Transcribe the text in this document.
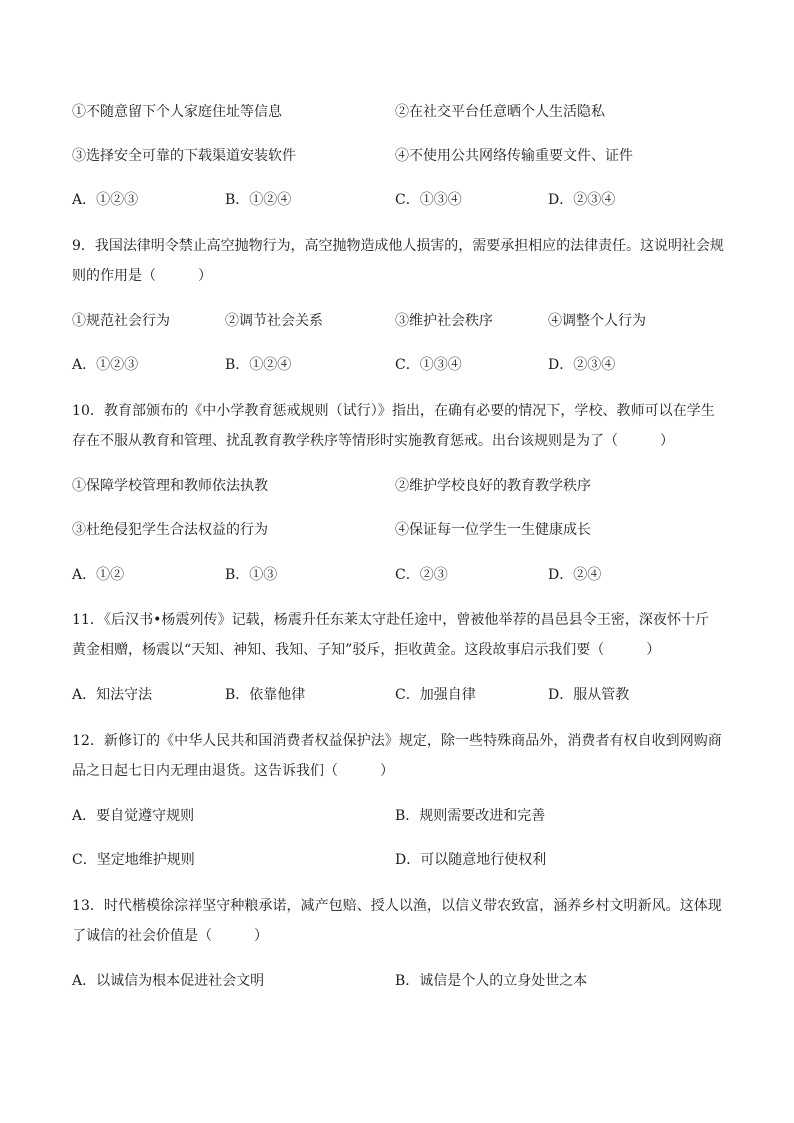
①不随意留下个人家庭住址等信息	②在社交平台任意晒个人生活隐私
③选择安全可靠的下载渠道安装软件	④不使用公共网络传输重要文件、证件
A．①②③	B．①②④	C．①③④	D．②③④
9．我国法律明令禁止高空抛物行为，高空抛物造成他人损害的，需要承担相应的法律责任。这说明社会规
则的作用是（　　　）
①规范社会行为	②调节社会关系	③维护社会秩序	④调整个人行为
A．①②③	B．①②④	C．①③④	D．②③④
10．教育部颁布的《中小学教育惩戒规则（试行）》指出，在确有必要的情况下，学校、教师可以在学生
存在不服从教育和管理、扰乱教育教学秩序等情形时实施教育惩戒。出台该规则是为了（　　　）
①保障学校管理和教师依法执教	②维护学校良好的教育教学秩序
③杜绝侵犯学生合法权益的行为	④保证每一位学生一生健康成长
A．①②	B．①③	C．②③	D．②④
11．《后汉书•杨震列传》记载，杨震升任东莱太守赴任途中，曾被他举荐的昌邑县令王密，深夜怀十斤
黄金相赠，杨震以“天知、神知、我知、子知”驳斥，拒收黄金。这段故事启示我们要（　　　）
A．知法守法	B．依靠他律	C．加强自律	D．服从管教
12．新修订的《中华人民共和国消费者权益保护法》规定，除一些特殊商品外，消费者有权自收到网购商
品之日起七日内无理由退货。这告诉我们（　　　）
A．要自觉遵守规则	B．规则需要改进和完善
C．坚定地维护规则	D．可以随意地行使权利
13．时代楷模徐淙祥坚守种粮承诺，减产包赔、授人以渔，以信义带农致富，涵养乡村文明新风。这体现
了诚信的社会价值是（　　　）
A．以诚信为根本促进社会文明	B．诚信是个人的立身处世之本
